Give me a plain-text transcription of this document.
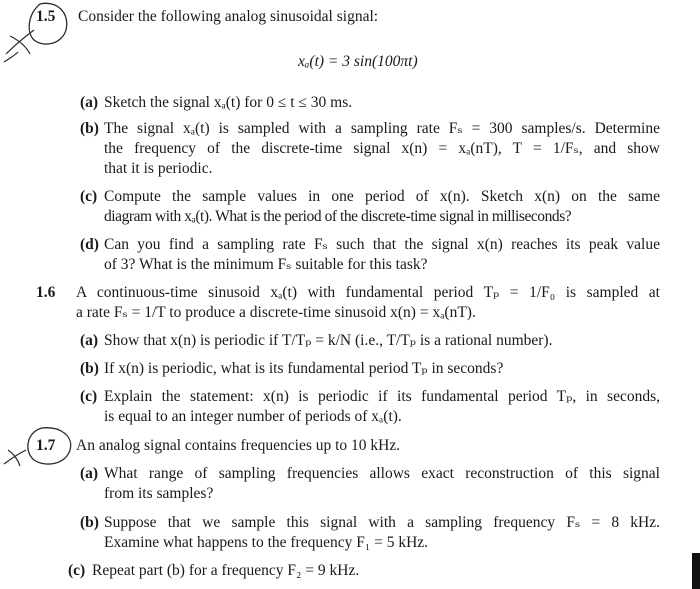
1.5 Consider the following analog sinusoidal signal:
xₐ(t) = 3 sin(100πt)
(a) Sketch the signal xₐ(t) for 0 ≤ t ≤ 30 ms.
(b) The signal xₐ(t) is sampled with a sampling rate Fₛ = 300 samples/s. Determine
the frequency of the discrete-time signal x(n) = xₐ(nT), T = 1/Fₛ, and show
that it is periodic.
(c) Compute the sample values in one period of x(n). Sketch x(n) on the same
diagram with xₐ(t). What is the period of the discrete-time signal in milliseconds?
(d) Can you find a sampling rate Fₛ such that the signal x(n) reaches its peak value
of 3? What is the minimum Fₛ suitable for this task?
1.6 A continuous-time sinusoid xₐ(t) with fundamental period Tₚ = 1/F₀ is sampled at
a rate Fₛ = 1/T to produce a discrete-time sinusoid x(n) = xₐ(nT).
(a) Show that x(n) is periodic if T/Tₚ = k/N (i.e., T/Tₚ is a rational number).
(b) If x(n) is periodic, what is its fundamental period Tₚ in seconds?
(c) Explain the statement: x(n) is periodic if its fundamental period Tₚ, in seconds,
is equal to an integer number of periods of xₐ(t).
1.7 An analog signal contains frequencies up to 10 kHz.
(a) What range of sampling frequencies allows exact reconstruction of this signal
from its samples?
(b) Suppose that we sample this signal with a sampling frequency Fₛ = 8 kHz.
Examine what happens to the frequency F₁ = 5 kHz.
(c) Repeat part (b) for a frequency F₂ = 9 kHz.
